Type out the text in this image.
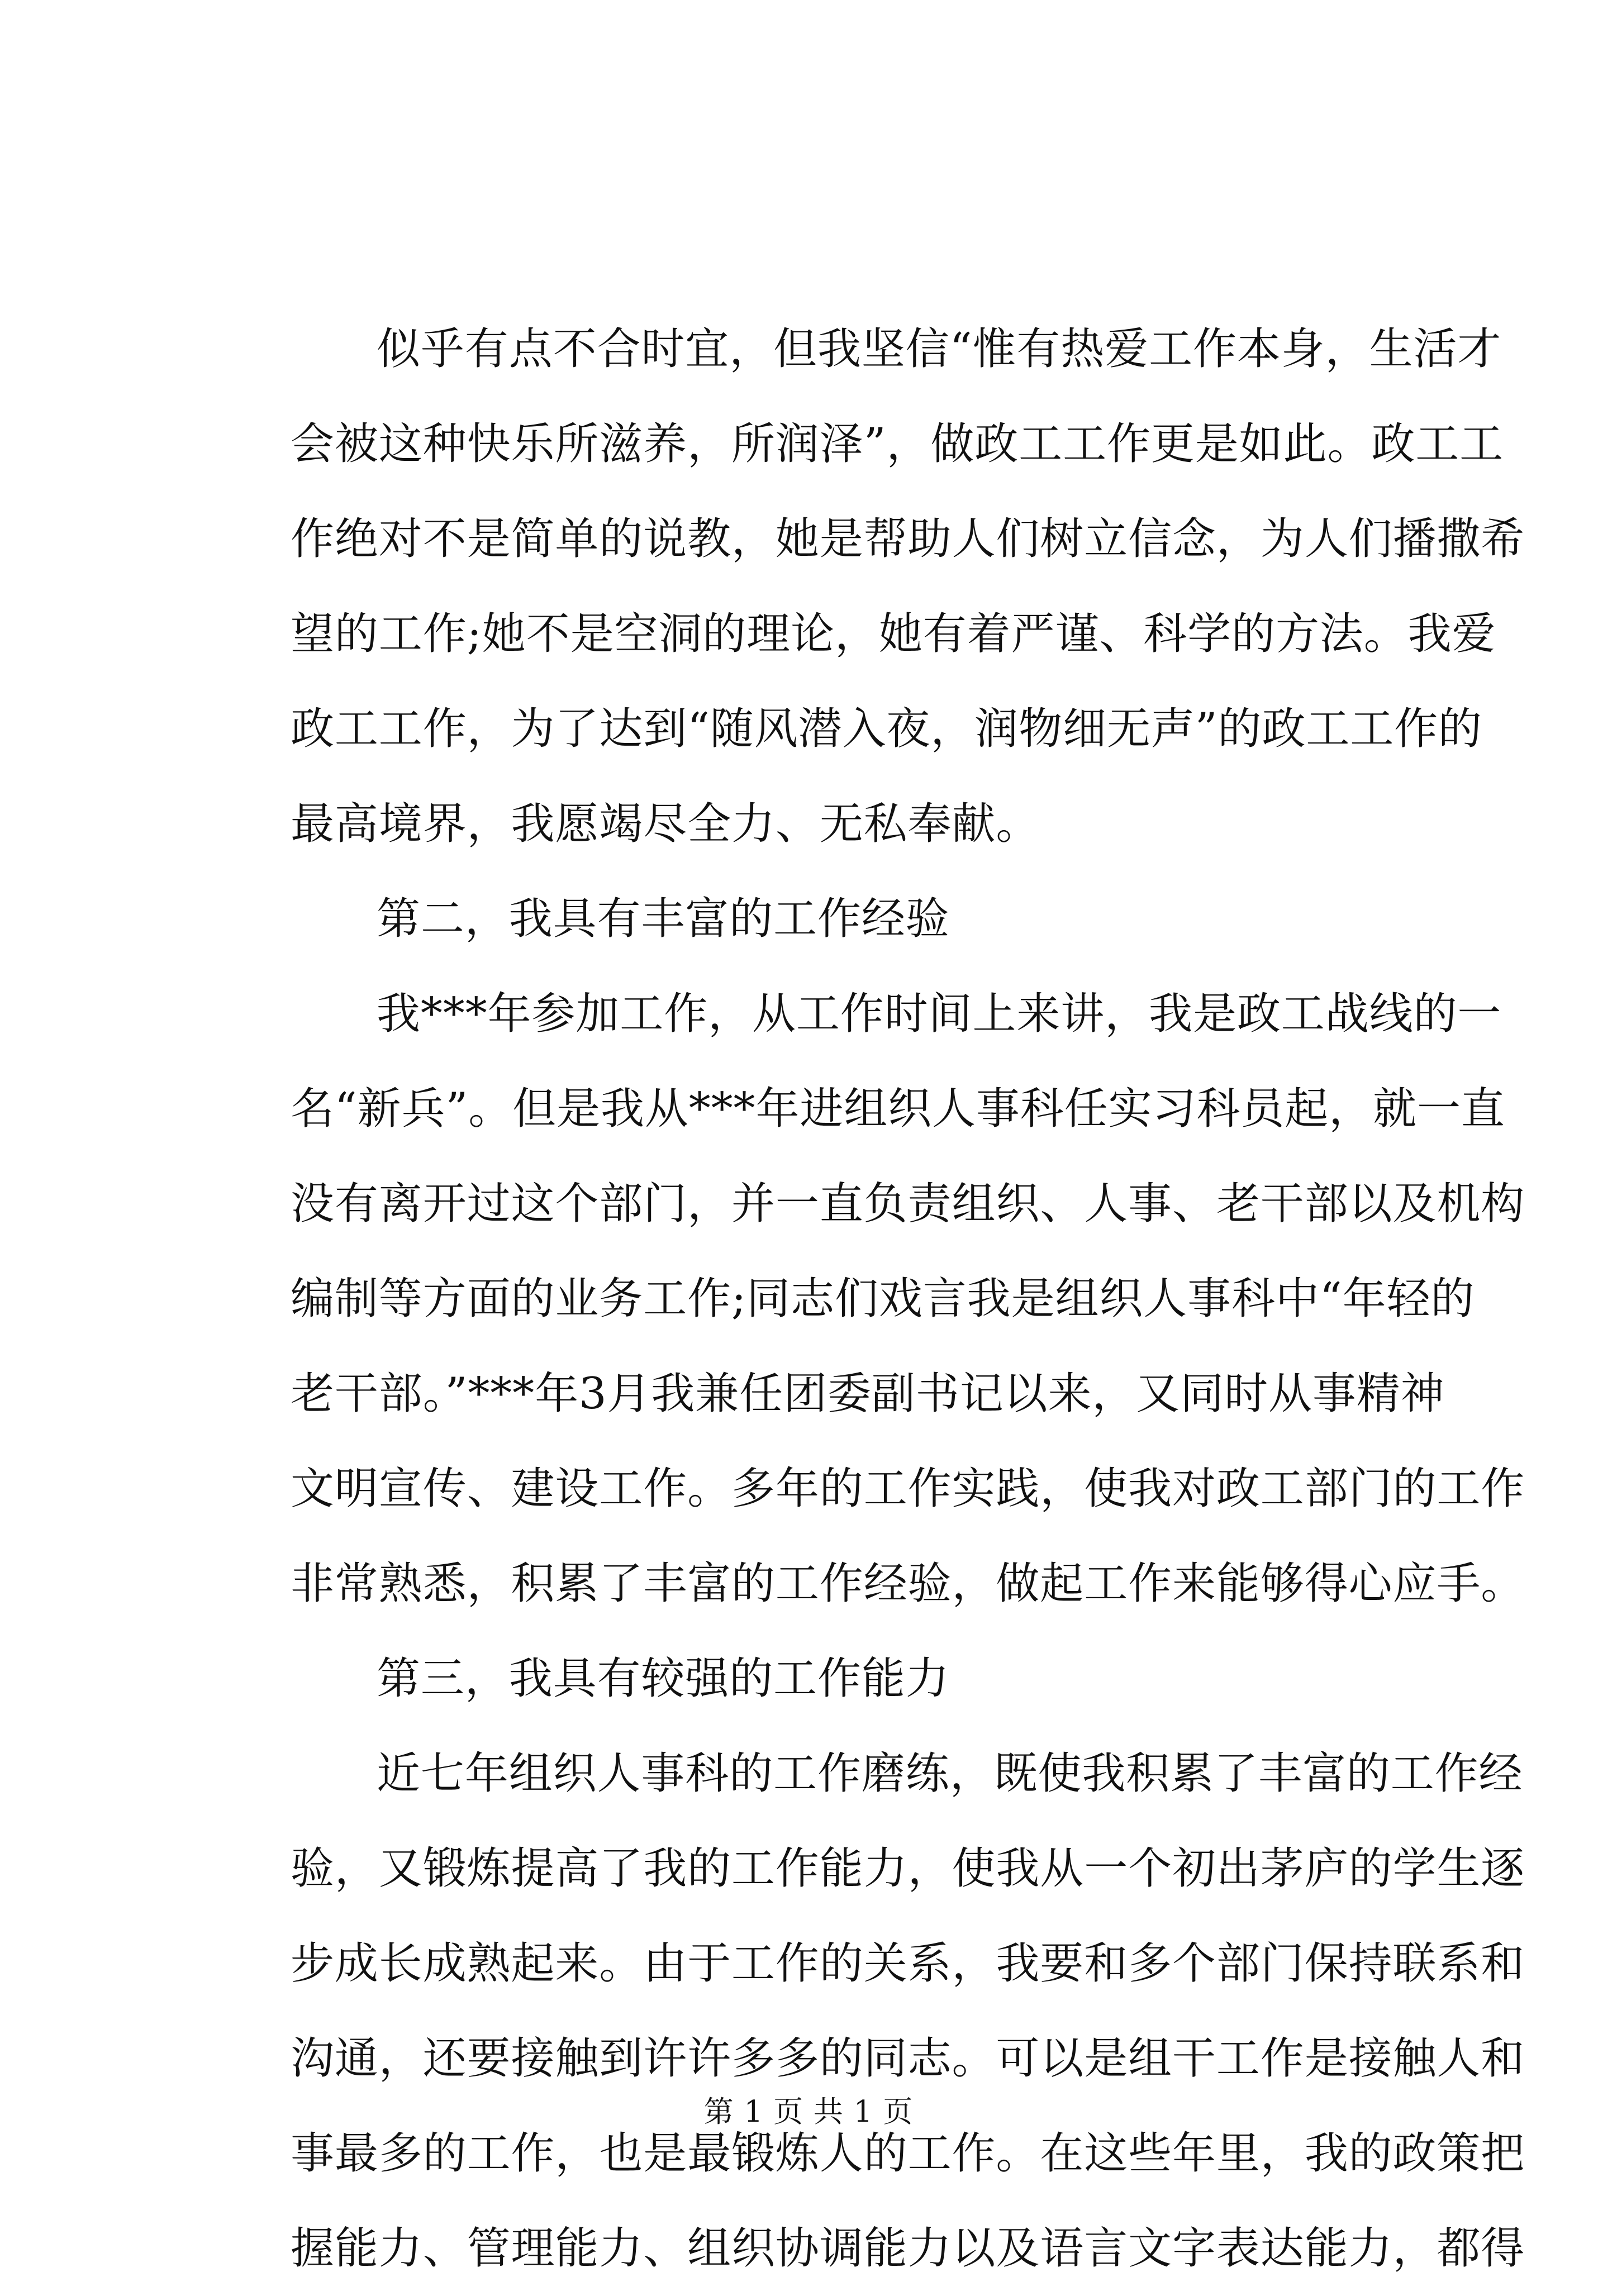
似乎有点不合时宜，但我坚信“惟有热爱工作本身，生活才
会被这种快乐所滋养，所润泽”，做政工工作更是如此。政工工
作绝对不是简单的说教，她是帮助人们树立信念，为人们播撒希
望的工作;她不是空洞的理论，她有着严谨、科学的方法。我爱
政工工作，为了达到“随风潜入夜，润物细无声”的政工工作的
最高境界，我愿竭尽全力、无私奉献。
第二，我具有丰富的工作经验
我***年参加工作，从工作时间上来讲，我是政工战线的一
名“新兵”。但是我从***年进组织人事科任实习科员起，就一直
没有离开过这个部门，并一直负责组织、人事、老干部以及机构
编制等方面的业务工作;同志们戏言我是组织人事科中“年轻的
老干部。”***年3月我兼任团委副书记以来，又同时从事精神
文明宣传、建设工作。多年的工作实践，使我对政工部门的工作
非常熟悉，积累了丰富的工作经验，做起工作来能够得心应手。
第三，我具有较强的工作能力
近七年组织人事科的工作磨练，既使我积累了丰富的工作经
验，又锻炼提高了我的工作能力，使我从一个初出茅庐的学生逐
步成长成熟起来。由于工作的关系，我要和多个部门保持联系和
沟通，还要接触到许许多多的同志。可以是组干工作是接触人和
事最多的工作，也是最锻炼人的工作。在这些年里，我的政策把
握能力、管理能力、组织协调能力以及语言文字表达能力，都得
第 1 页 共 1 页
